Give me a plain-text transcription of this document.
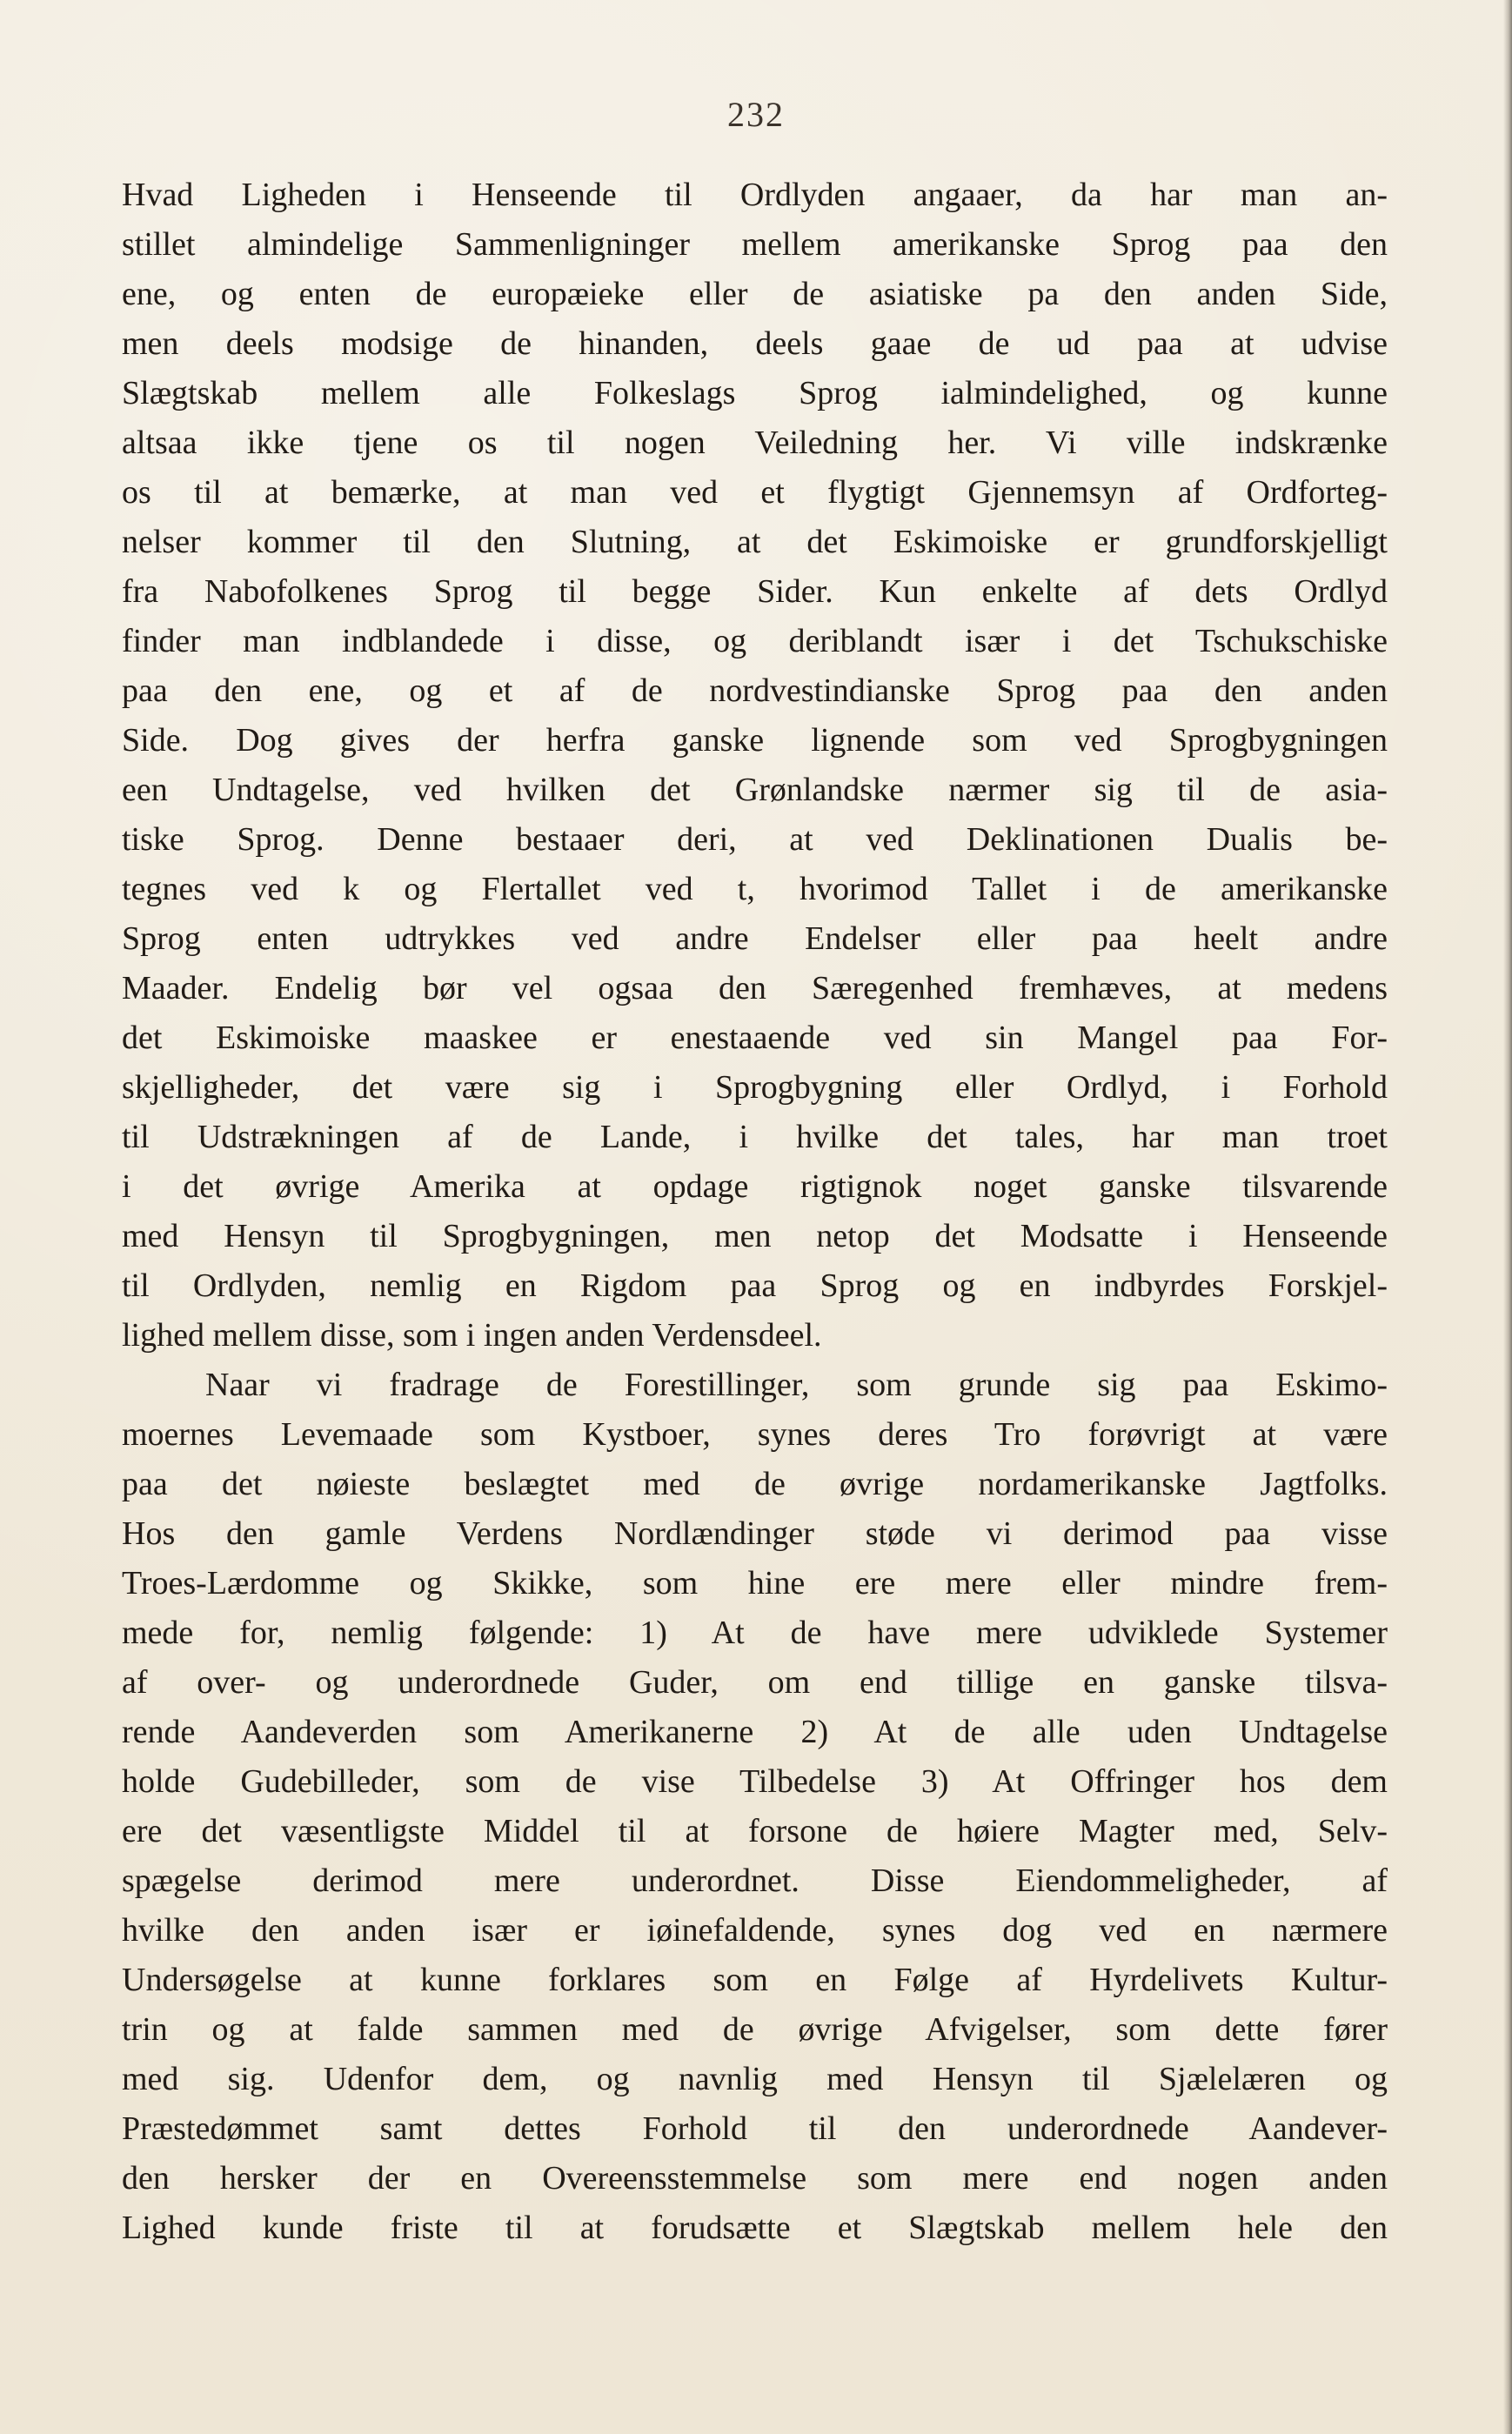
232
Hvad Ligheden i Henseende til Ordlyden angaaer, da har man an-
stillet almindelige Sammenligninger mellem amerikanske Sprog paa den
ene, og enten de europæieke eller de asiatiske pa den anden Side,
men deels modsige de hinanden, deels gaae de ud paa at udvise
Slægtskab mellem alle Folkeslags Sprog ialmindelighed, og kunne
altsaa ikke tjene os til nogen Veiledning her. Vi ville indskrænke
os til at bemærke, at man ved et flygtigt Gjennemsyn af Ordforteg-
nelser kommer til den Slutning, at det Eskimoiske er grundforskjelligt
fra Nabofolkenes Sprog til begge Sider. Kun enkelte af dets Ordlyd
finder man indblandede i disse, og deriblandt især i det Tschukschiske
paa den ene, og et af de nordvestindianske Sprog paa den anden
Side. Dog gives der herfra ganske lignende som ved Sprogbygningen
een Undtagelse, ved hvilken det Grønlandske nærmer sig til de asia-
tiske Sprog. Denne bestaaer deri, at ved Deklinationen Dualis be-
tegnes ved k og Flertallet ved t, hvorimod Tallet i de amerikanske
Sprog enten udtrykkes ved andre Endelser eller paa heelt andre
Maader. Endelig bør vel ogsaa den Særegenhed fremhæves, at medens
det Eskimoiske maaskee er enestaaende ved sin Mangel paa For-
skjelligheder, det være sig i Sprogbygning eller Ordlyd, i Forhold
til Udstrækningen af de Lande, i hvilke det tales, har man troet
i det øvrige Amerika at opdage rigtignok noget ganske tilsvarende
med Hensyn til Sprogbygningen, men netop det Modsatte i Henseende
til Ordlyden, nemlig en Rigdom paa Sprog og en indbyrdes Forskjel-
lighed mellem disse, som i ingen anden Verdensdeel.
Naar vi fradrage de Forestillinger, som grunde sig paa Eskimo-
moernes Levemaade som Kystboer, synes deres Tro forøvrigt at være
paa det nøieste beslægtet med de øvrige nordamerikanske Jagtfolks.
Hos den gamle Verdens Nordlændinger støde vi derimod paa visse
Troes-Lærdomme og Skikke, som hine ere mere eller mindre frem-
mede for, nemlig følgende: 1) At de have mere udviklede Systemer
af over- og underordnede Guder, om end tillige en ganske tilsva-
rende Aandeverden som Amerikanerne 2) At de alle uden Undtagelse
holde Gudebilleder, som de vise Tilbedelse 3) At Offringer hos dem
ere det væsentligste Middel til at forsone de høiere Magter med, Selv-
spægelse derimod mere underordnet. Disse Eiendommeligheder, af
hvilke den anden især er iøinefaldende, synes dog ved en nærmere
Undersøgelse at kunne forklares som en Følge af Hyrdelivets Kultur-
trin og at falde sammen med de øvrige Afvigelser, som dette fører
med sig. Udenfor dem, og navnlig med Hensyn til Sjælelæren og
Præstedømmet samt dettes Forhold til den underordnede Aandever-
den hersker der en Overeensstemmelse som mere end nogen anden
Lighed kunde friste til at forudsætte et Slægtskab mellem hele den
